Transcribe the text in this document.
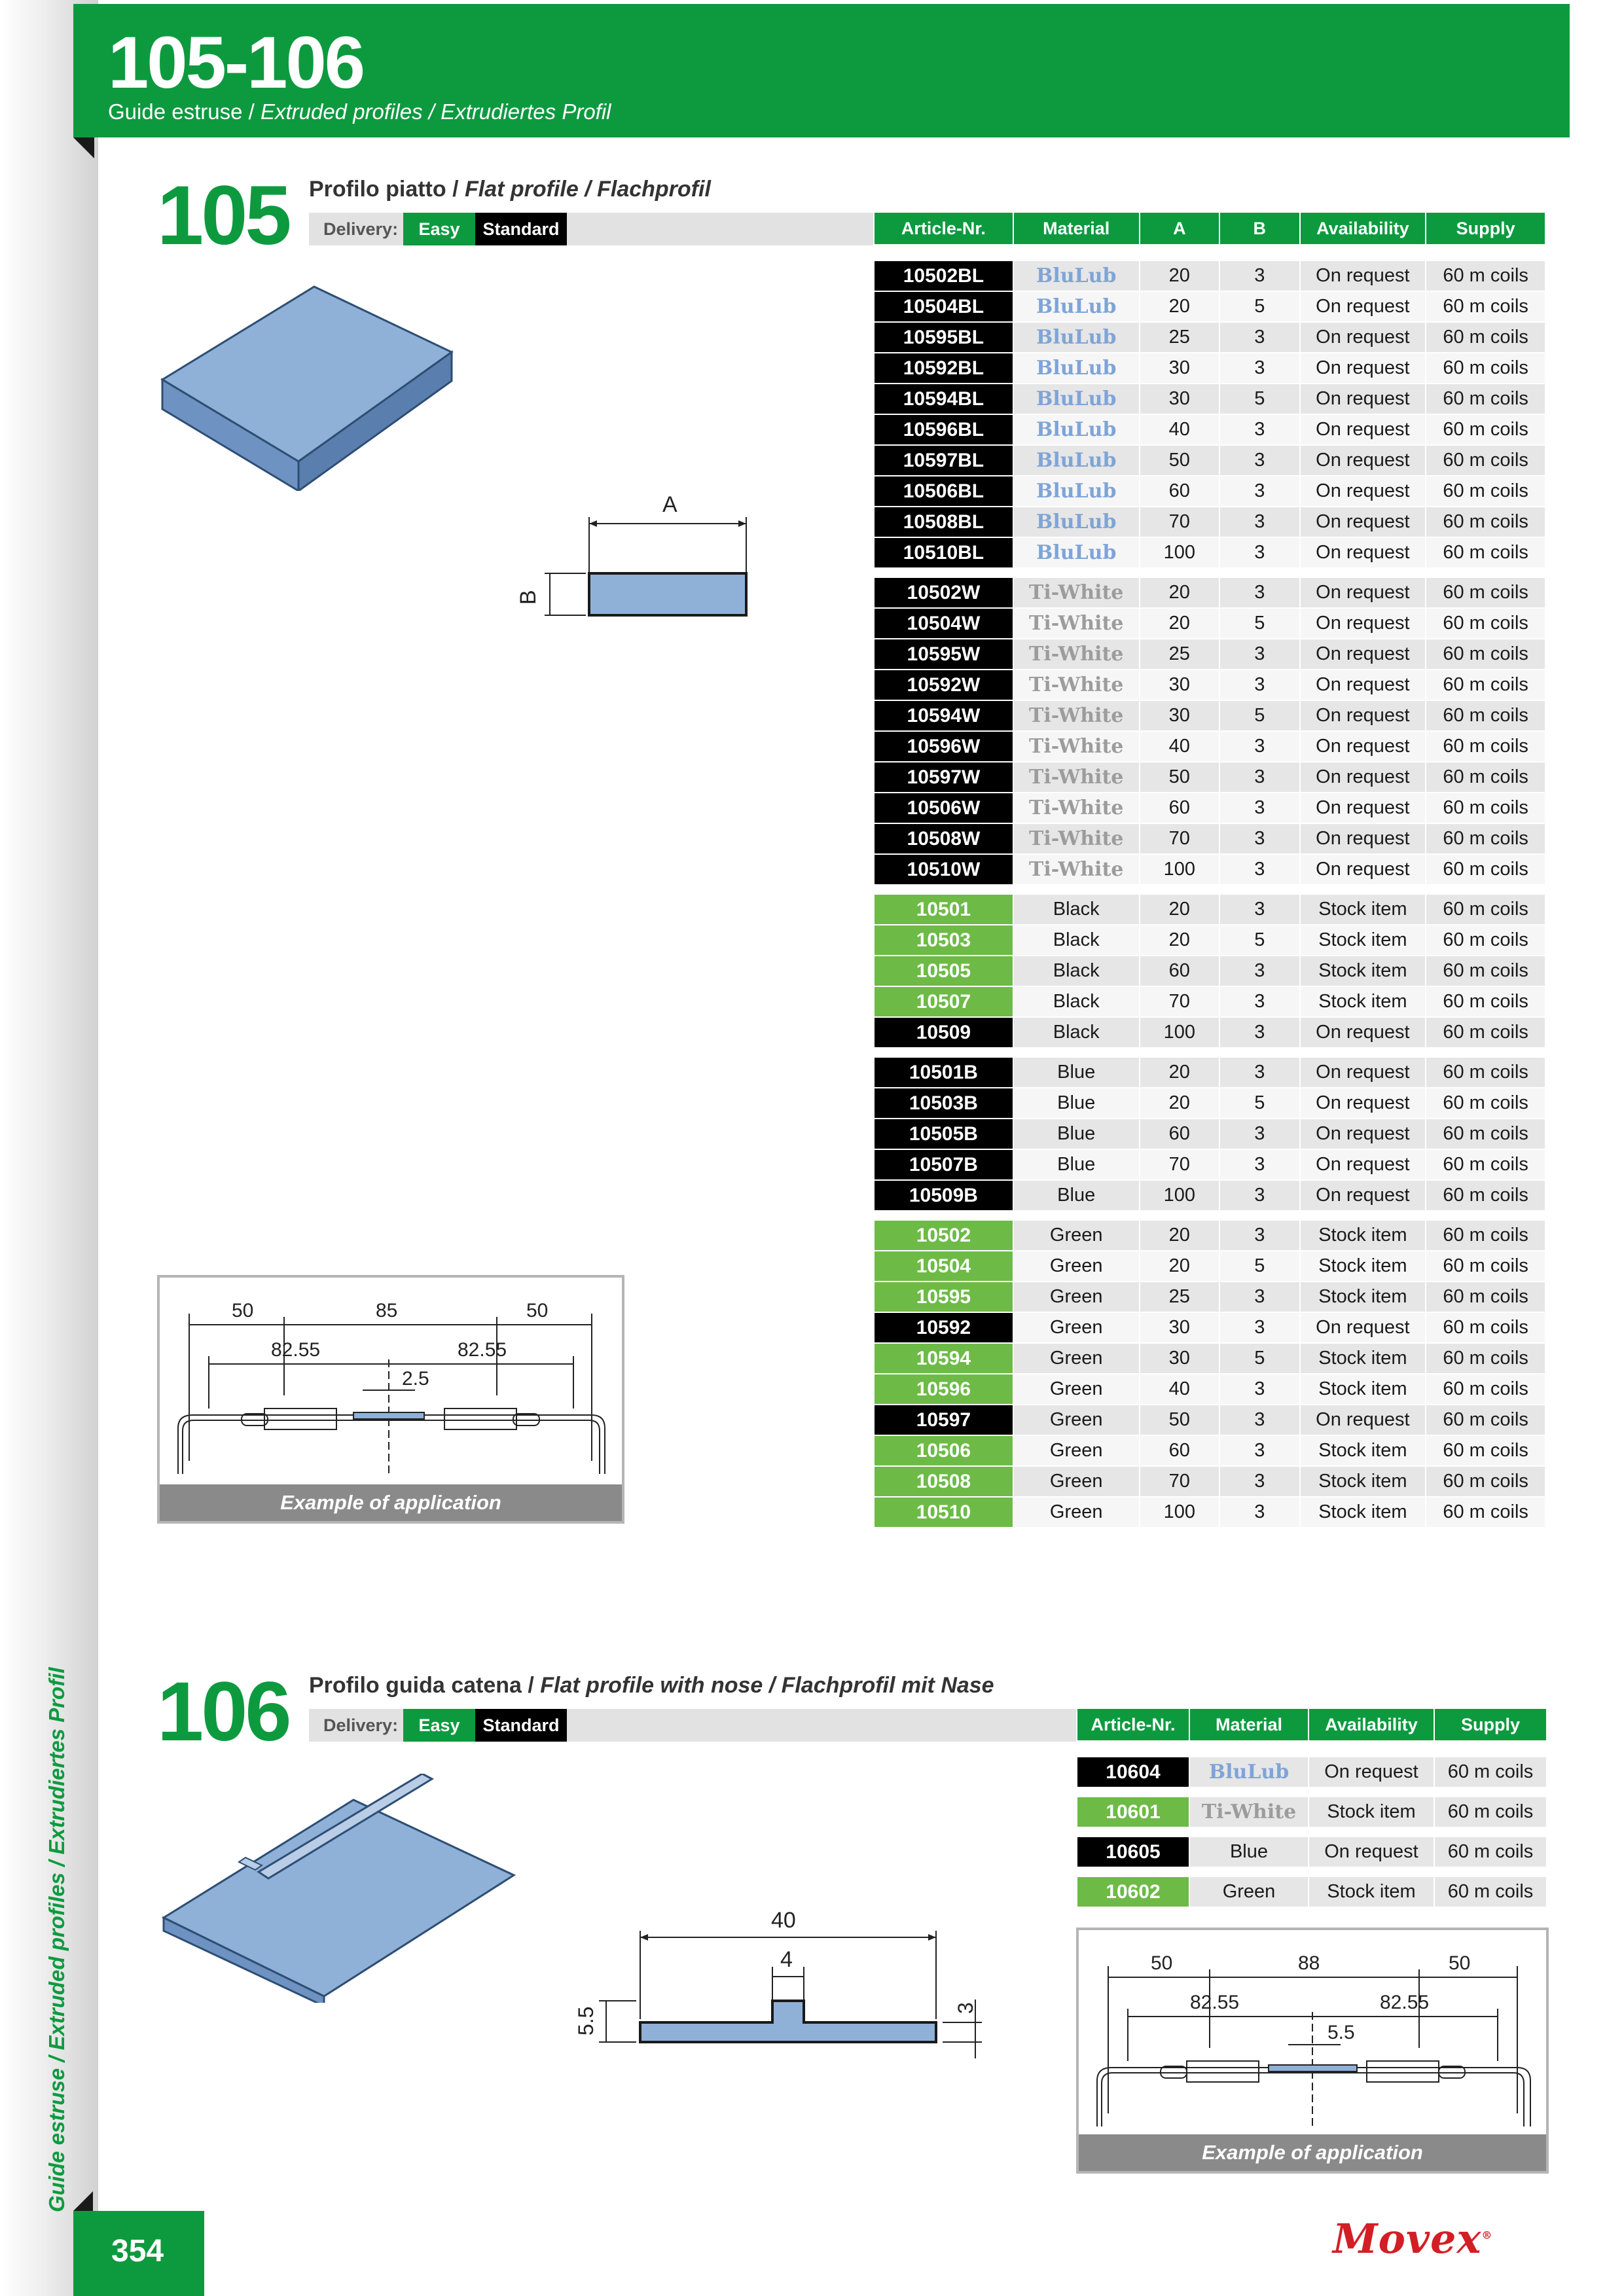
Guide estruse / Extruded profiles / Extrudiertes Profil
105-106
Guide estruse / Extruded profiles / Extrudiertes Profil
105 Profilo piatto / Flat profile / Flachprofil
Delivery:	Easy	Standard	Article-Nr.	Material	A	B	Availability	Supply

10502BL	BluLub	20	3	On request	60 m coils
10504BL	BluLub	20	5	On request	60 m coils
10595BL	BluLub	25	3	On request	60 m coils
10592BL	BluLub	30	3	On request	60 m coils
10594BL	BluLub	30	5	On request	60 m coils
10596BL	BluLub	40	3	On request	60 m coils
10597BL	BluLub	50	3	On request	60 m coils
10506BL	BluLub	60	3	On request	60 m coils
10508BL	BluLub	70	3	On request	60 m coils
10510BL	BluLub	100	3	On request	60 m coils

10502W	Ti-White	20	3	On request	60 m coils
10504W	Ti-White	20	5	On request	60 m coils
10595W	Ti-White	25	3	On request	60 m coils
10592W	Ti-White	30	3	On request	60 m coils
10594W	Ti-White	30	5	On request	60 m coils
10596W	Ti-White	40	3	On request	60 m coils
10597W	Ti-White	50	3	On request	60 m coils
10506W	Ti-White	60	3	On request	60 m coils
10508W	Ti-White	70	3	On request	60 m coils
10510W	Ti-White	100	3	On request	60 m coils

10501	Black	20	3	Stock item	60 m coils
10503	Black	20	5	Stock item	60 m coils
10505	Black	60	3	Stock item	60 m coils
10507	Black	70	3	Stock item	60 m coils
10509	Black	100	3	On request	60 m coils

10501B	Blue	20	3	On request	60 m coils
10503B	Blue	20	5	On request	60 m coils
10505B	Blue	60	3	On request	60 m coils
10507B	Blue	70	3	On request	60 m coils
10509B	Blue	100	3	On request	60 m coils

10502	Green	20	3	Stock item	60 m coils
10504	Green	20	5	Stock item	60 m coils
10595	Green	25	3	Stock item	60 m coils
10592	Green	30	3	On request	60 m coils
10594	Green	30	5	Stock item	60 m coils
10596	Green	40	3	Stock item	60 m coils
10597	Green	50	3	On request	60 m coils
10506	Green	60	3	Stock item	60 m coils
10508	Green	70	3	Stock item	60 m coils
10510	Green	100	3	Stock item	60 m coils
A
B
50	85	50
82.55	82.55
2.5
Example of application
106 Profilo guida catena / Flat profile with nose / Flachprofil mit Nase
Delivery:	Easy	Standard	Article-Nr.	Material	Availability	Supply

10604	BluLub	On request	60 m coils

10601	Ti-White	Stock item	60 m coils

10605	Blue	On request	60 m coils

10602	Green	Stock item	60 m coils
40
4
5.5	3
50	88	50
82.55	82.55
5.5
Example of application
354	Movex®
